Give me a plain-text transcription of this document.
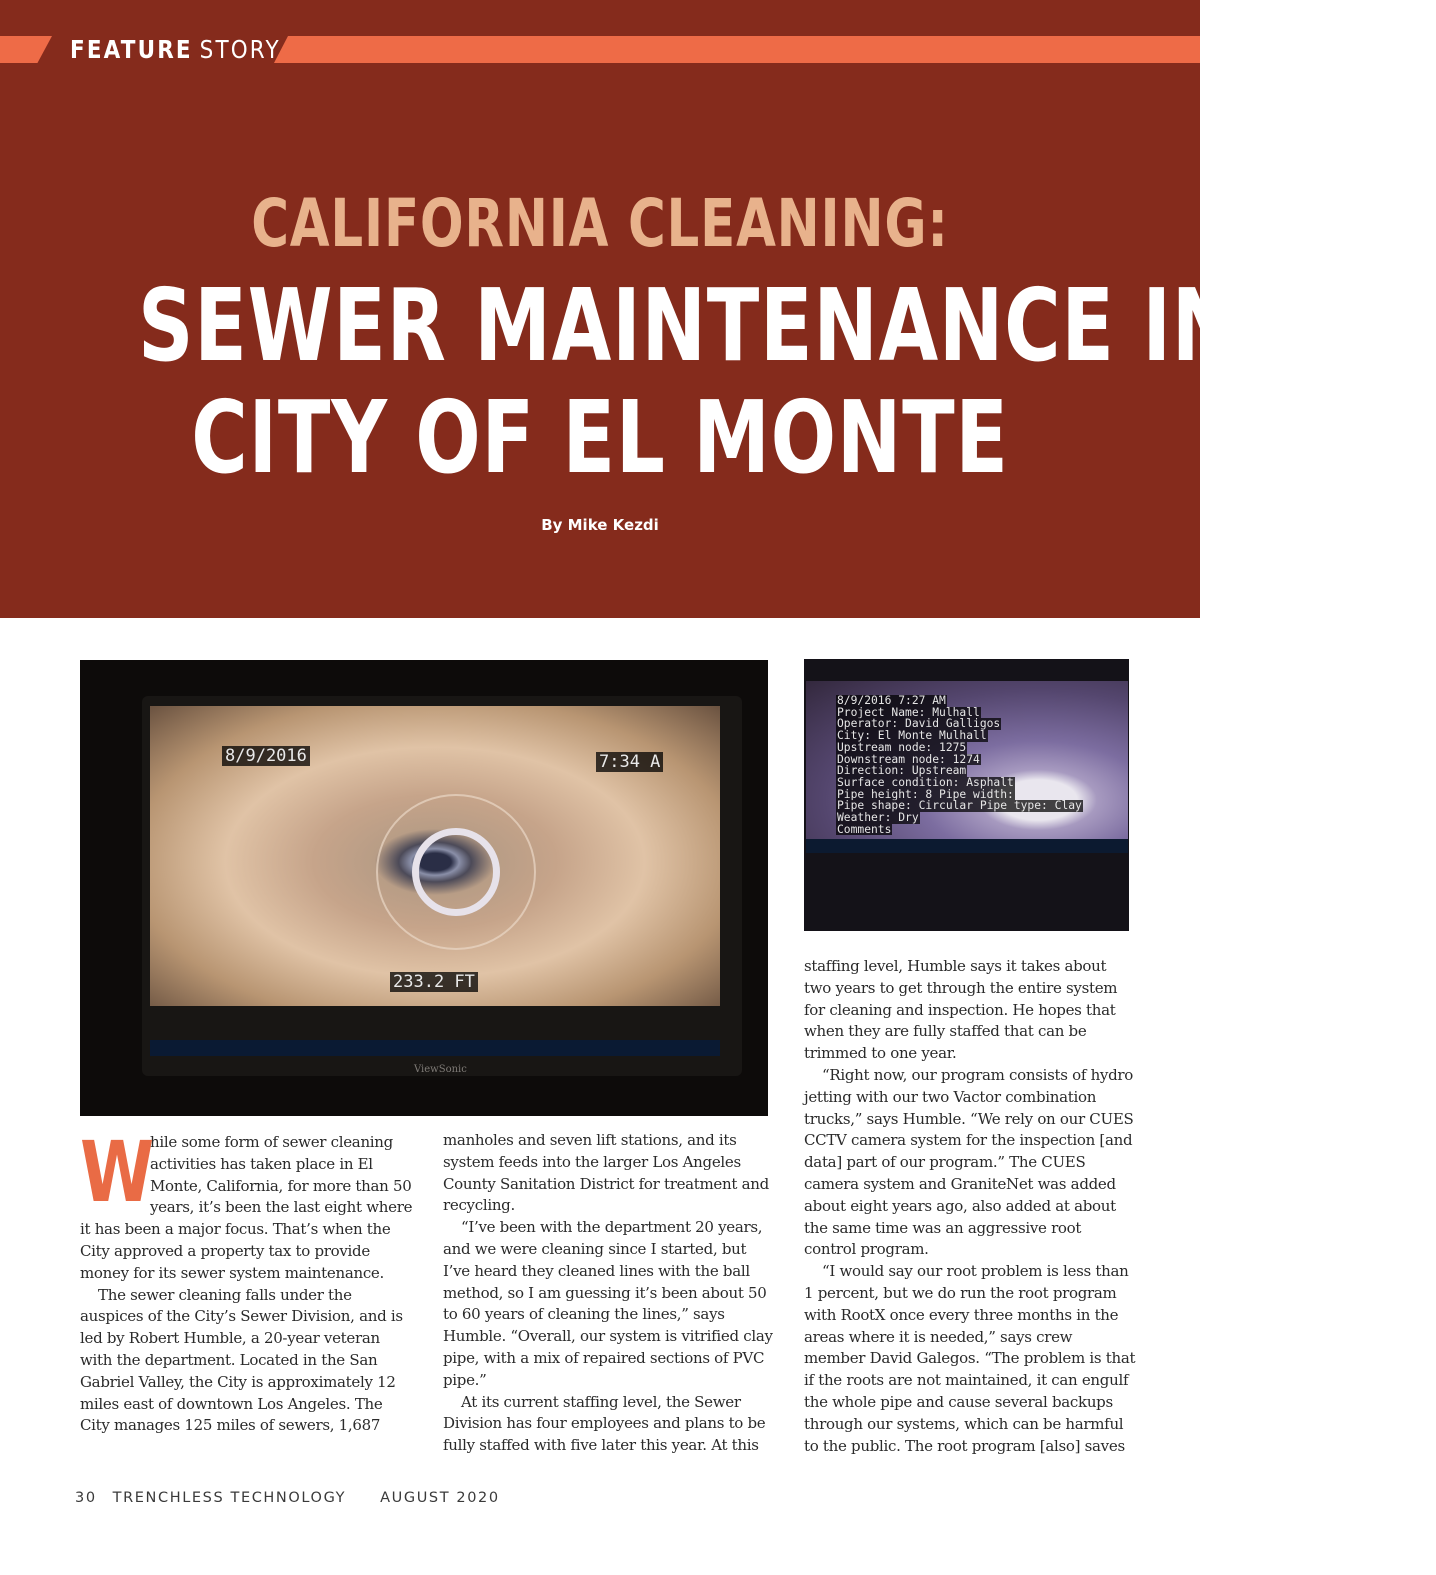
FEATURE STORY
CALIFORNIA CLEANING:
SEWER MAINTENANCE IN THE
CITY OF EL MONTE
By Mike Kezdi
8/9/2016	7:34 A
233.2 FT
ViewSonic
8/9/2016 7:27 AM
Project Name: Mulhall
Operator: David Galligos
City: El Monte Mulhall
Upstream node: 1275
Downstream node: 1274
Direction: Upstream
Surface condition: Asphalt
Pipe height: 8 Pipe width:
Pipe shape: Circular Pipe type: Clay
Weather: Dry
Comments

W

hile some form of sewer cleaning activities has taken place in El Monte, California, for more than 50 years, it’s been the last eight where it has been a major focus. That’s when the City approved a property tax to provide money for its sewer system maintenance.

The sewer cleaning falls under the auspices of the City’s Sewer Division, and is led by Robert Humble, a 20-year veteran with the department. Located in the San Gabriel Valley, the City is approximately 12 miles east of downtown Los Angeles. The City manages 125 miles of sewers, 1,687

manholes and seven lift stations, and its system feeds into the larger Los Angeles County Sanitation District for treatment and recycling.

“I’ve been with the department 20 years, and we were cleaning since I started, but I’ve heard they cleaned lines with the ball method, so I am guessing it’s been about 50 to 60 years of cleaning the lines,” says Humble. “Overall, our system is vitrified clay pipe, with a mix of repaired sections of PVC pipe.”

At its current staffing level, the Sewer Division has four employees and plans to be fully staffed with five later this year. At this

staffing level, Humble says it takes about two years to get through the entire system for cleaning and inspection. He hopes that when they are fully staffed that can be trimmed to one year.

“Right now, our program consists of hydro jetting with our two Vactor combination trucks,” says Humble. “We rely on our CUES CCTV camera system for the inspection [and data] part of our program.” The CUES camera system and GraniteNet was added about eight years ago, also added at about the same time was an aggressive root control program.

“I would say our root problem is less than 1 percent, but we do run the root program with RootX once every three months in the areas where it is needed,” says crew member David Galegos. “The problem is that if the roots are not maintained, it can engulf the whole pipe and cause several backups through our systems, which can be harmful to the public. The root program [also] saves

30 TRENCHLESS TECHNOLOGY AUGUST 2020
